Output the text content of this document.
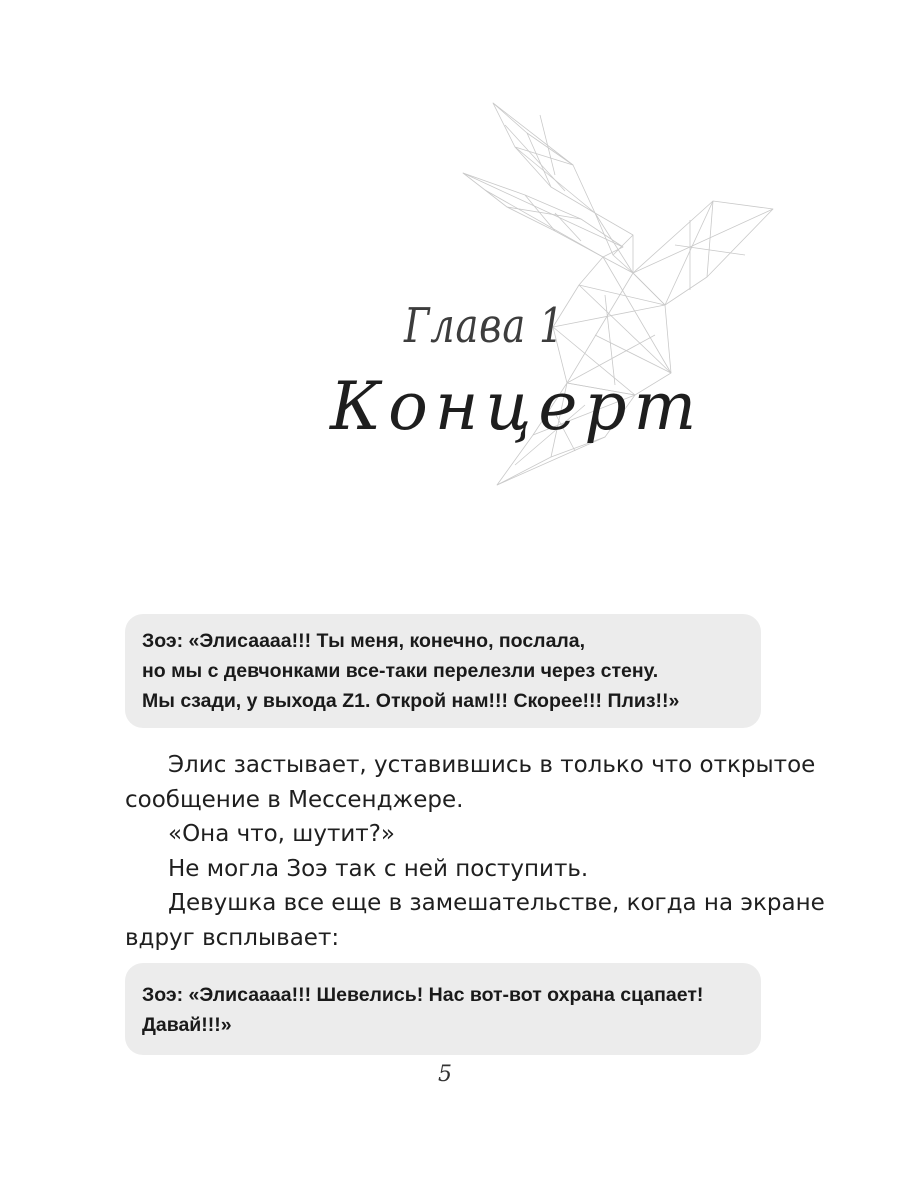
Глава 1
Концерт
Зоэ: «Элисаааа!!! Ты меня, конечно, послала,
но мы с девчонками все-таки перелезли через стену.
Мы сзади, у выхода Z1. Открой нам!!! Скорее!!! Плиз!!»
Элис застывает, уставившись в только что открытое
сообщение в Мессенджере.
«Она что, шутит?»
Не могла Зоэ так с ней поступить.
Девушка все еще в замешательстве, когда на экране
вдруг всплывает:
Зоэ: «Элисаааа!!! Шевелись! Нас вот-вот охрана сцапает!
Давай!!!»
5
